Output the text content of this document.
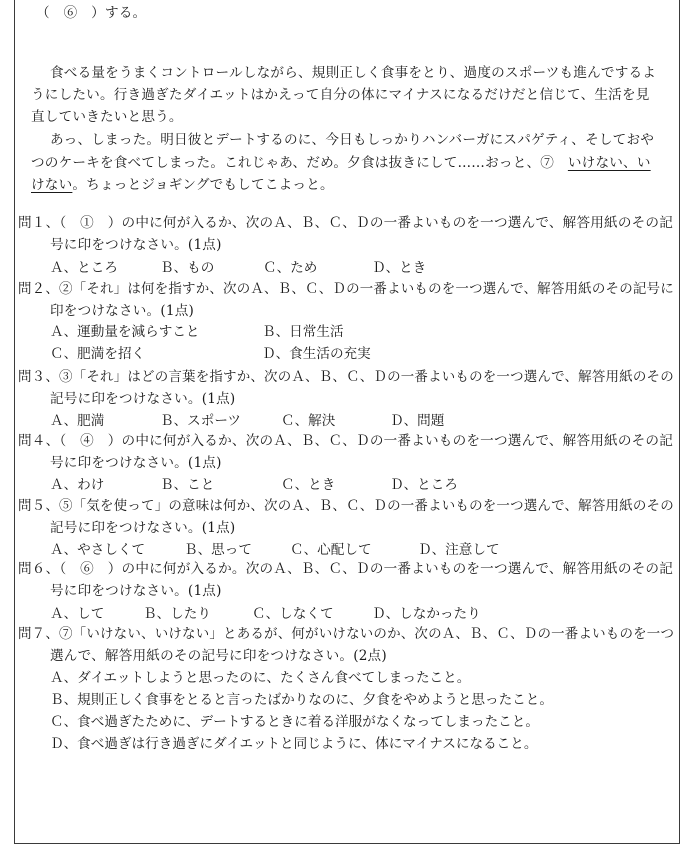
（　⑥　）する。
食べる量をうまくコントロールしながら、規則正しく食事をとり、過度のスポーツも進んでするよ
うにしたい。行き過ぎたダイエットはかえって自分の体にマイナスになるだけだと信じて、生活を見
直していきたいと思う。
あっ、しまった。明日彼とデートするのに、今日もしっかりハンバーガにスパゲティ、そしておや
つのケーキを食べてしまった。これじゃあ、だめ。夕食は抜きにして……おっと、⑦　 いけない、い
けない。ちょっとジョギングでもしてこよっと。
問１、（　①　）の中に何が入るか、次のＡ、Ｂ、Ｃ、Ｄの一番よいものを一つ選んで、解答用紙のその記
号に印をつけなさい。(1点)
Ａ、ところ	Ｂ、もの	Ｃ、ため	Ｄ、とき
問２、②「それ」は何を指すか、次のＡ、Ｂ、Ｃ、Ｄの一番よいものを一つ選んで、解答用紙のその記号に
印をつけなさい。(1点)
Ａ、運動量を減らすこと	Ｂ、日常生活
Ｃ、肥満を招く	Ｄ、食生活の充実
問３、③「それ」はどの言葉を指すか、次のＡ、Ｂ、Ｃ、Ｄの一番よいものを一つ選んで、解答用紙のその
記号に印をつけなさい。(1点)
Ａ、肥満	Ｂ、スポーツ	Ｃ、解決	Ｄ、問題
問４、（　④　）の中に何が入るか、次のＡ、Ｂ、Ｃ、Ｄの一番よいものを一つ選んで、解答用紙のその記
号に印をつけなさい。(1点)
Ａ、わけ	Ｂ、こと	Ｃ、とき	Ｄ、ところ
問５、⑤「気を使って」の意味は何か、次のＡ、Ｂ、Ｃ、Ｄの一番よいものを一つ選んで、解答用紙のその
記号に印をつけなさい。(1点)
Ａ、やさしくて	Ｂ、思って	Ｃ、心配して	Ｄ、注意して
問６、（　⑥　）の中に何が入るか。次のＡ、Ｂ、Ｃ、Ｄの一番よいものを一つ選んで、解答用紙のその記
号に印をつけなさい。(1点)
Ａ、して	Ｂ、したり	Ｃ、しなくて	Ｄ、しなかったり
問７、⑦「いけない、いけない」とあるが、何がいけないのか、次のＡ、Ｂ、Ｃ、Ｄの一番よいものを一つ
選んで、解答用紙のその記号に印をつけなさい。(2点)
Ａ、ダイエットしようと思ったのに、たくさん食べてしまったこと。
Ｂ、規則正しく食事をとると言ったばかりなのに、夕食をやめようと思ったこと。
Ｃ、食べ過ぎたために、デートするときに着る洋服がなくなってしまったこと。
Ｄ、食べ過ぎは行き過ぎにダイエットと同じように、体にマイナスになること。
